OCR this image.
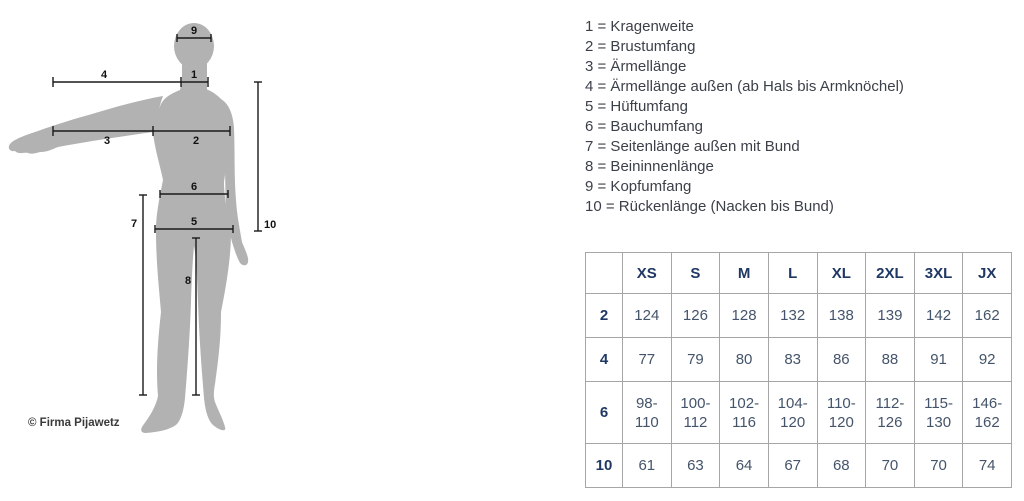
9
4	1
3	2
6
5
7
8
10
© Firma Pijawetz
1 = Kragenweite
2 = Brustumfang
3 = Ärmellänge
4 = Ärmellänge außen (ab Hals bis Armknöchel)
5 = Hüftumfang
6 = Bauchumfang
7 = Seitenlänge außen mit Bund
8 = Beininnenlänge
9 = Kopfumfang
10 = Rückenlänge (Nacken bis Bund)
	XS	S	M	L	XL	2XL	3XL	JX
2	124	126	128	132	138	139	142	162
4	77	79	80	83	86	88	91	92
6	98-110	100-112	102-116	104-120	110-120	112-126	115-130	146-162
10	61	63	64	67	68	70	70	74
